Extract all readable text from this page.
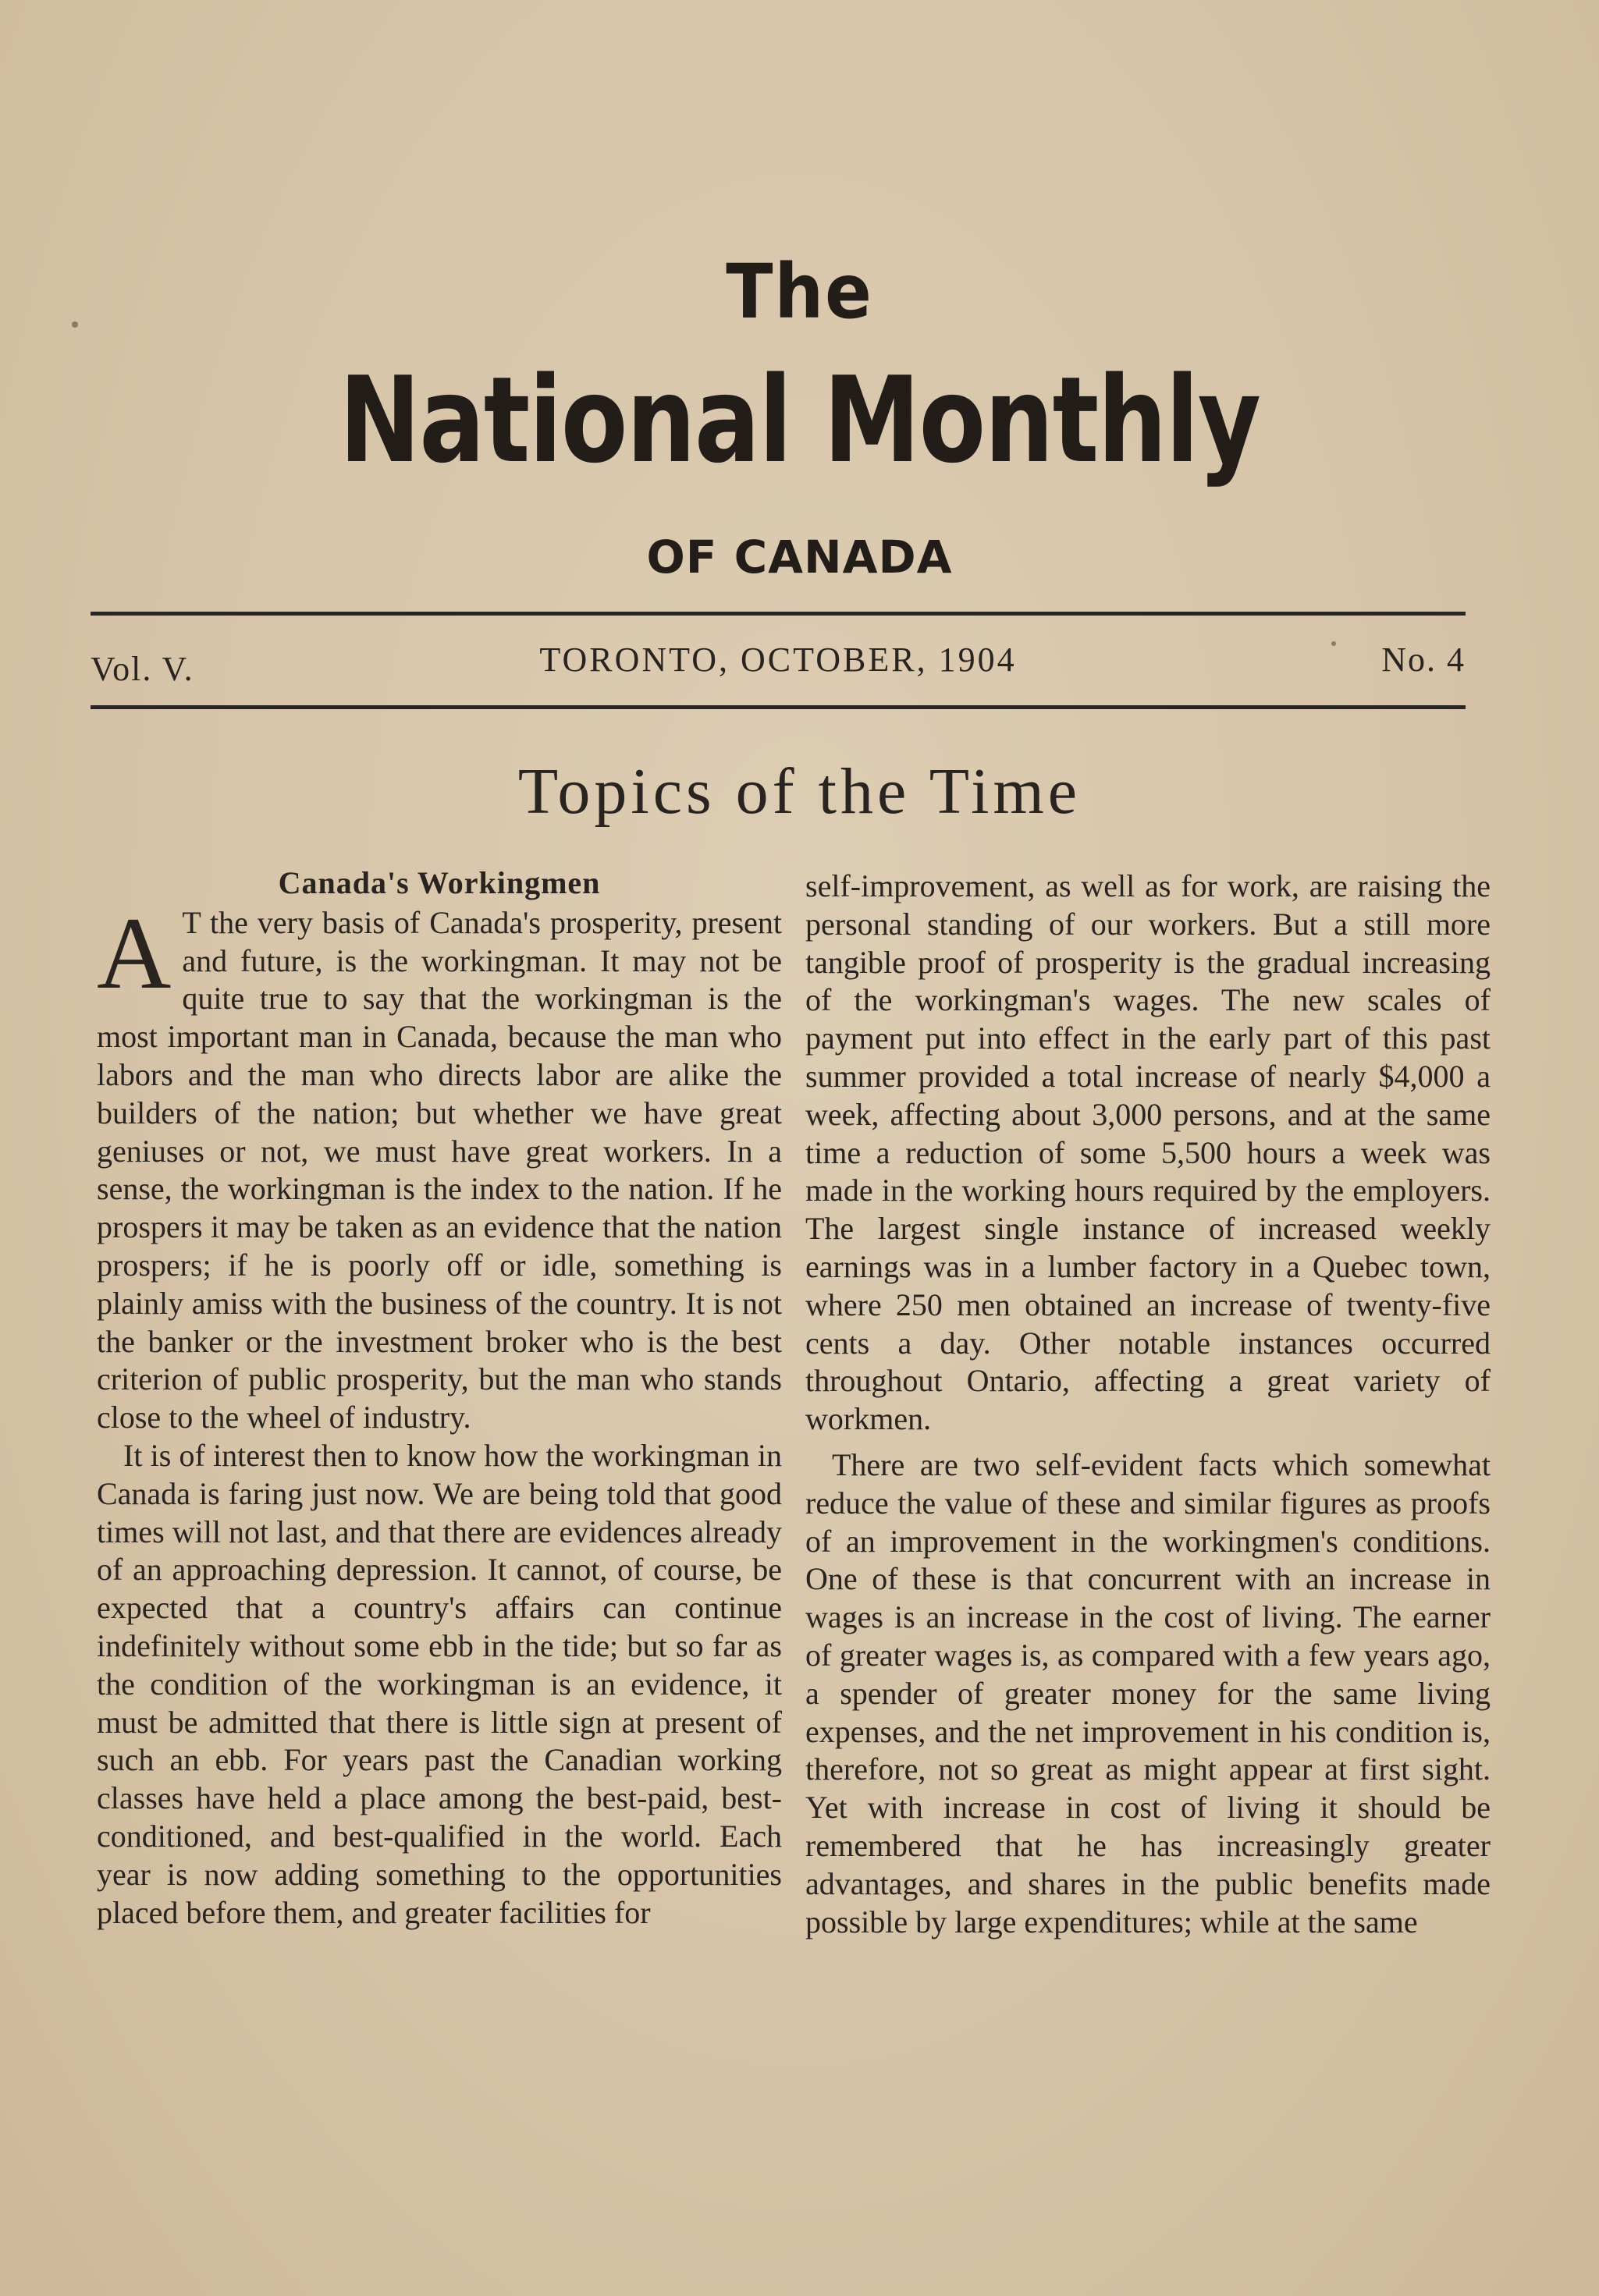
The
National Monthly
OF CANADA
Vol. V.	TORONTO, OCTOBER, 1904	No. 4
Topics of the Time
Canada's Workingmen

A T the very basis of Canada's prosperity, present and future, is the workingman. It may not be quite true to say that the workingman is the most important man in Canada, because the man who labors and the man who directs labor are alike the builders of the nation; but whether we have great geniuses or not, we must have great workers. In a sense, the workingman is the index to the nation. If he prospers it may be taken as an evidence that the nation prospers; if he is poorly off or idle, something is plainly amiss with the business of the country. It is not the banker or the investment broker who is the best criterion of public prosperity, but the man who stands close to the wheel of industry.

It is of interest then to know how the workingman in Canada is faring just now. We are being told that good times will not last, and that there are evidences already of an approaching depression. It cannot, of course, be expected that a country's affairs can continue indefinitely without some ebb in the tide; but so far as the condition of the workingman is an evidence, it must be admitted that there is little sign at present of such an ebb. For years past the Canadian working classes have held a place among the best-paid, best-conditioned, and best-qualified in the world. Each year is now adding something to the opportunities placed before them, and greater facilities for

self-improvement, as well as for work, are raising the personal standing of our workers. But a still more tangible proof of prosperity is the gradual increasing of the workingman's wages. The new scales of payment put into effect in the early part of this past summer provided a total increase of nearly $4,000 a week, affecting about 3,000 persons, and at the same time a reduction of some 5,500 hours a week was made in the working hours required by the employers. The largest single instance of increased weekly earnings was in a lumber factory in a Quebec town, where 250 men obtained an increase of twenty-five cents a day. Other notable instances occurred throughout Ontario, affecting a great variety of workmen.

There are two self-evident facts which somewhat reduce the value of these and similar figures as proofs of an improvement in the workingmen's conditions. One of these is that concurrent with an increase in wages is an increase in the cost of living. The earner of greater wages is, as compared with a few years ago, a spender of greater money for the same living expenses, and the net improvement in his condition is, therefore, not so great as might appear at first sight. Yet with increase in cost of living it should be remembered that he has increasingly greater advantages, and shares in the public benefits made possible by large expenditures; while at the same
